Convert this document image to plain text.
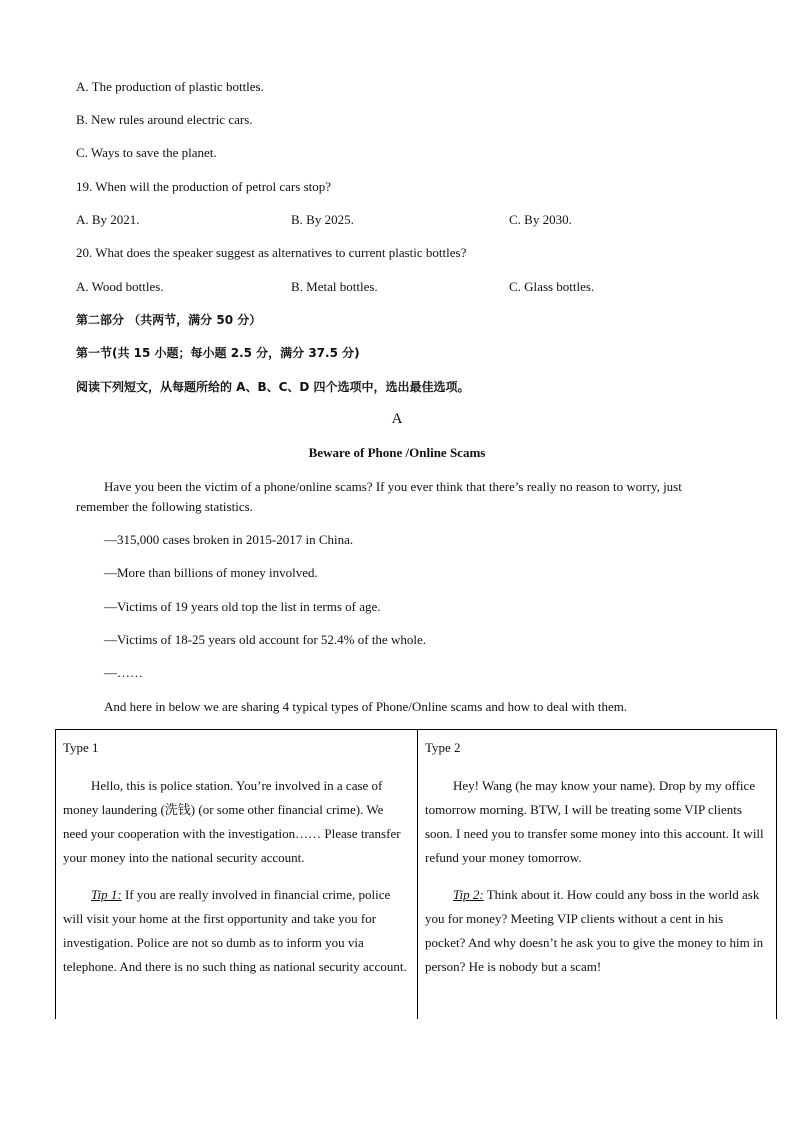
A. The production of plastic bottles.
B. New rules around electric cars.
C. Ways to save the planet.
19. When will the production of petrol cars stop?
A. By 2021.	B. By 2025.	C. By 2030.
20. What does the speaker suggest as alternatives to current plastic bottles?
A. Wood bottles.	B. Metal bottles.	C. Glass bottles.
第二部分 （共两节，满分 50 分）
第一节(共 15 小题；每小题 2.5 分，满分 37.5 分)
阅读下列短文，从每题所给的 A、B、C、D 四个选项中，选出最佳选项。
A
Beware of Phone /Online Scams
Have you been the victim of a phone/online scams? If you ever think that there’s really no reason to worry, just remember the following statistics.
—315,000 cases broken in 2015-2017 in China.
—More than billions of money involved.
—Victims of 19 years old top the list in terms of age.
—Victims of 18-25 years old account for 52.4% of the whole.
—……
And here in below we are sharing 4 typical types of Phone/Online scams and how to deal with them.
Type 1
Hello, this is police station. You’re involved in a case of money laundering (洗钱) (or some other financial crime). We need your cooperation with the investigation…… Please transfer your money into the national security account.
Tip 1: If you are really involved in financial crime, police will visit your home at the first opportunity and take you for investigation. Police are not so dumb as to inform you via telephone. And there is no such thing as national security account.
Type 2
Hey! Wang (he may know your name). Drop by my office tomorrow morning. BTW, I will be treating some VIP clients soon. I need you to transfer some money into this account. It will refund your money tomorrow.
Tip 2: Think about it. How could any boss in the world ask you for money? Meeting VIP clients without a cent in his pocket? And why doesn’t he ask you to give the money to him in person? He is nobody but a scam!
